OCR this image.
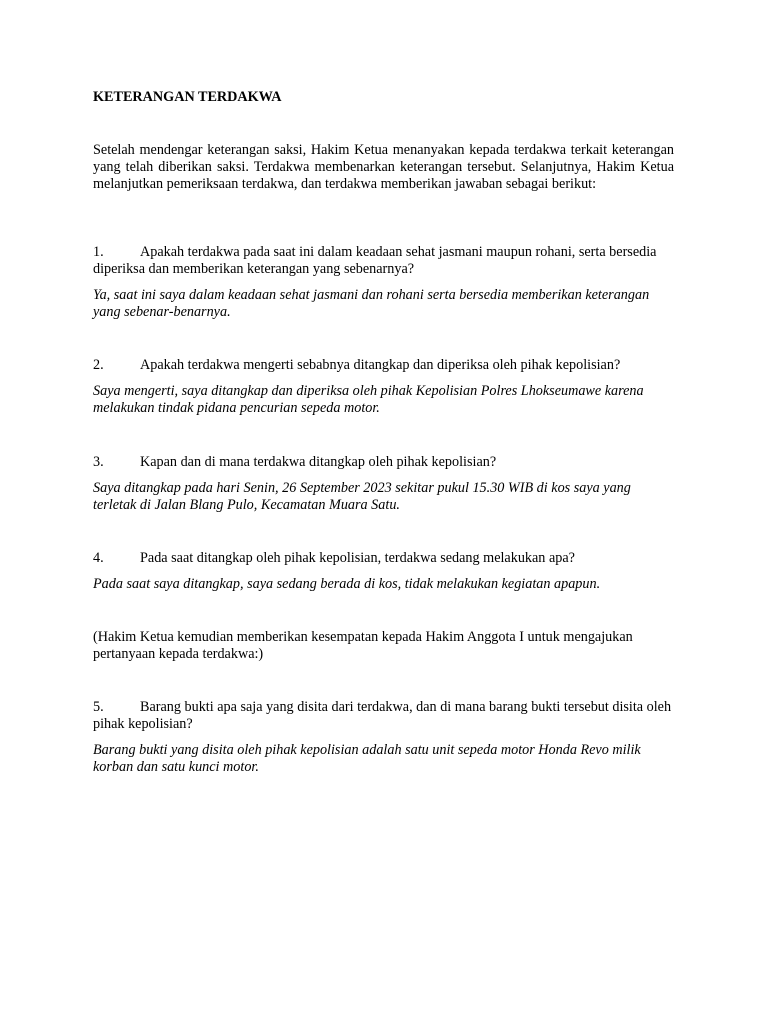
KETERANGAN TERDAKWA

Setelah mendengar keterangan saksi, Hakim Ketua menanyakan kepada terdakwa terkait keterangan yang telah diberikan saksi. Terdakwa membenarkan keterangan tersebut. Selanjutnya, Hakim Ketua melanjutkan pemeriksaan terdakwa, dan terdakwa memberikan jawaban sebagai berikut:

1.	Apakah terdakwa pada saat ini dalam keadaan sehat jasmani maupun rohani, serta bersedia diperiksa dan memberikan keterangan yang sebenarnya?

Ya, saat ini saya dalam keadaan sehat jasmani dan rohani serta bersedia memberikan keterangan yang sebenar-benarnya.

2.	Apakah terdakwa mengerti sebabnya ditangkap dan diperiksa oleh pihak kepolisian?

Saya mengerti, saya ditangkap dan diperiksa oleh pihak Kepolisian Polres Lhokseumawe karena melakukan tindak pidana pencurian sepeda motor.

3.	Kapan dan di mana terdakwa ditangkap oleh pihak kepolisian?

Saya ditangkap pada hari Senin, 26 September 2023 sekitar pukul 15.30 WIB di kos saya yang terletak di Jalan Blang Pulo, Kecamatan Muara Satu.

4.	Pada saat ditangkap oleh pihak kepolisian, terdakwa sedang melakukan apa?

Pada saat saya ditangkap, saya sedang berada di kos, tidak melakukan kegiatan apapun.

(Hakim Ketua kemudian memberikan kesempatan kepada Hakim Anggota I untuk mengajukan pertanyaan kepada terdakwa:)

5.	Barang bukti apa saja yang disita dari terdakwa, dan di mana barang bukti tersebut disita oleh pihak kepolisian?

Barang bukti yang disita oleh pihak kepolisian adalah satu unit sepeda motor Honda Revo milik korban dan satu kunci motor.
